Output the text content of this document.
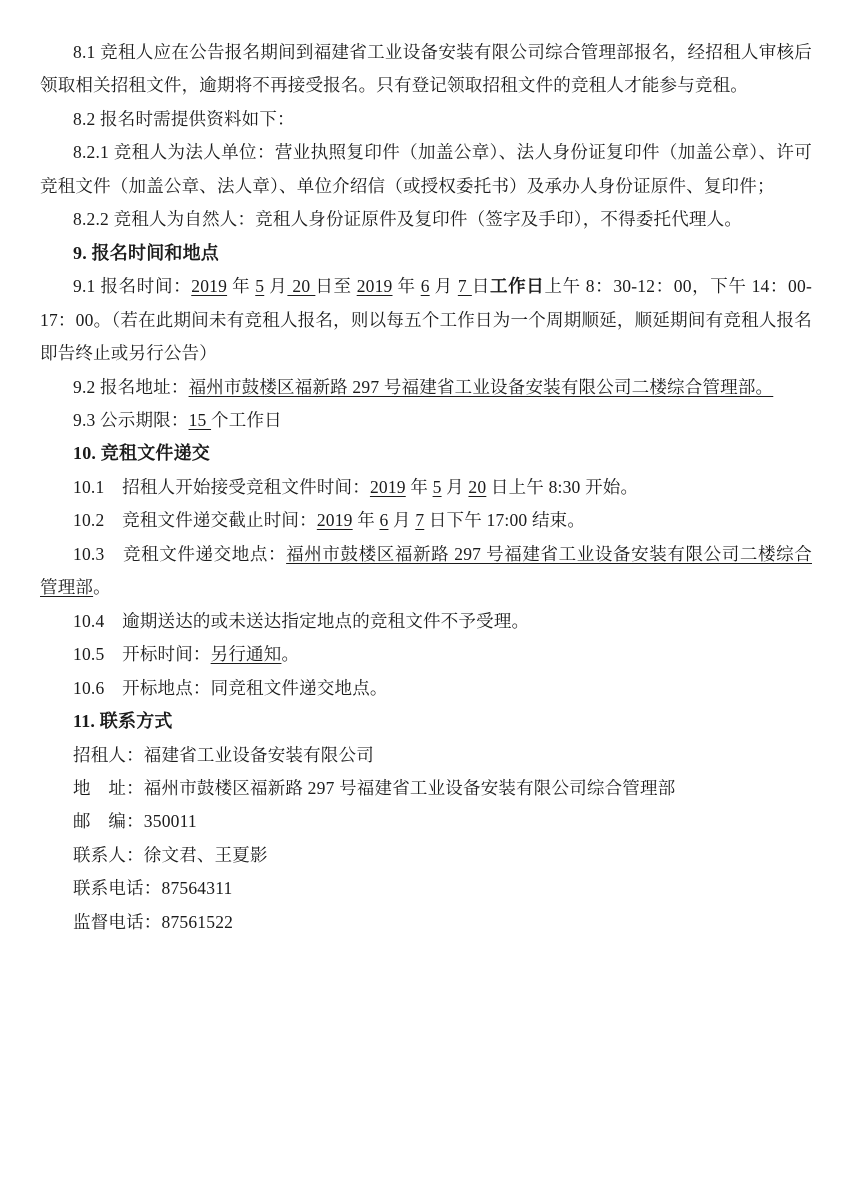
8.1 竞租人应在公告报名期间到福建省工业设备安装有限公司综合管理部报名，经招租人审核后领取相关招租文件，逾期将不再接受报名。只有登记领取招租文件的竞租人才能参与竞租。

8.2 报名时需提供资料如下：

8.2.1 竞租人为法人单位：营业执照复印件（加盖公章）、法人身份证复印件（加盖公章）、许可竞租文件（加盖公章、法人章）、单位介绍信（或授权委托书）及承办人身份证原件、复印件；

8.2.2 竞租人为自然人：竞租人身份证原件及复印件（签字及手印），不得委托代理人。

9. 报名时间和地点

9.1 报名时间：2019 年 5 月 20 日至 2019 年 6 月 7 日工作日上午 8：30-12：00，下午 14：00-17：00。（若在此期间未有竞租人报名，则以每五个工作日为一个周期顺延，顺延期间有竞租人报名即告终止或另行公告）

9.2 报名地址：福州市鼓楼区福新路 297 号福建省工业设备安装有限公司二楼综合管理部。

9.3 公示期限：15 个工作日

10. 竞租文件递交

10.1　招租人开始接受竞租文件时间：2019 年 5 月 20 日上午 8:30 开始。

10.2　竞租文件递交截止时间：2019 年 6 月 7 日下午 17:00 结束。

10.3　竞租文件递交地点：福州市鼓楼区福新路 297 号福建省工业设备安装有限公司二楼综合管理部。

10.4　逾期送达的或未送达指定地点的竞租文件不予受理。

10.5　开标时间：另行通知。

10.6　开标地点：同竞租文件递交地点。

11. 联系方式

招租人：福建省工业设备安装有限公司

地　址：福州市鼓楼区福新路 297 号福建省工业设备安装有限公司综合管理部

邮　编：350011

联系人：徐文君、王夏影

联系电话：87564311

监督电话：87561522
